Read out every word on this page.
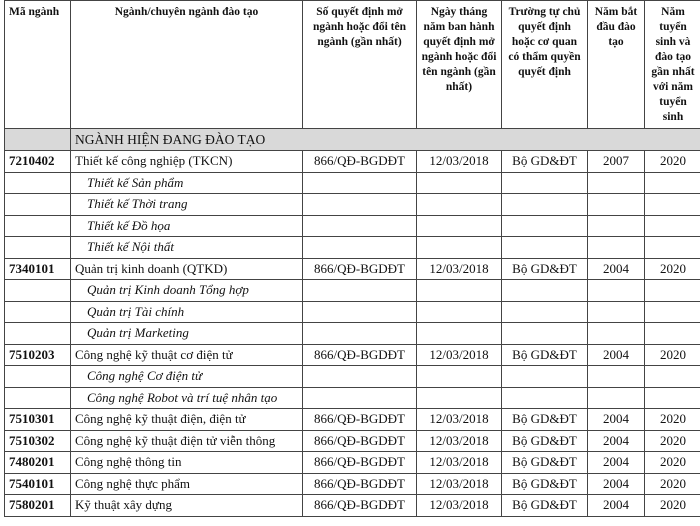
Mã ngành	Ngành/chuyên ngành đào tạo	Số quyết định mở ngành hoặc đổi tên ngành (gần nhất)	Ngày tháng năm ban hành quyết định mở ngành hoặc đổi tên ngành (gần nhất)	Trường tự chủ quyết định hoặc cơ quan có thẩm quyền quyết định	Năm bắt đầu đào tạo	Năm tuyển sinh và đào tạo gần nhất với năm tuyển sinh
	NGÀNH HIỆN ĐANG ĐÀO TẠO					
7210402	Thiết kế công nghiệp (TKCN)	866/QĐ-BGDĐT	12/03/2018	Bộ GD&ĐT	2007	2020
	Thiết kế Sản phẩm					
	Thiết kế Thời trang					
	Thiết kế Đồ họa					
	Thiết kế Nội thất					
7340101	Quản trị kinh doanh (QTKD)	866/QĐ-BGDĐT	12/03/2018	Bộ GD&ĐT	2004	2020
	Quản trị Kinh doanh Tổng hợp					
	Quản trị Tài chính					
	Quản trị Marketing					
7510203	Công nghệ kỹ thuật cơ điện tử	866/QĐ-BGDĐT	12/03/2018	Bộ GD&ĐT	2004	2020
	Công nghệ Cơ điện tử					
	Công nghệ Robot và trí tuệ nhân tạo					
7510301	Công nghệ kỹ thuật điện, điện tử	866/QĐ-BGDĐT	12/03/2018	Bộ GD&ĐT	2004	2020
7510302	Công nghệ kỹ thuật điện tử viễn thông	866/QĐ-BGDĐT	12/03/2018	Bộ GD&ĐT	2004	2020
7480201	Công nghệ thông tin	866/QĐ-BGDĐT	12/03/2018	Bộ GD&ĐT	2004	2020
7540101	Công nghệ thực phẩm	866/QĐ-BGDĐT	12/03/2018	Bộ GD&ĐT	2004	2020
7580201	Kỹ thuật xây dựng	866/QĐ-BGDĐT	12/03/2018	Bộ GD&ĐT	2004	2020
